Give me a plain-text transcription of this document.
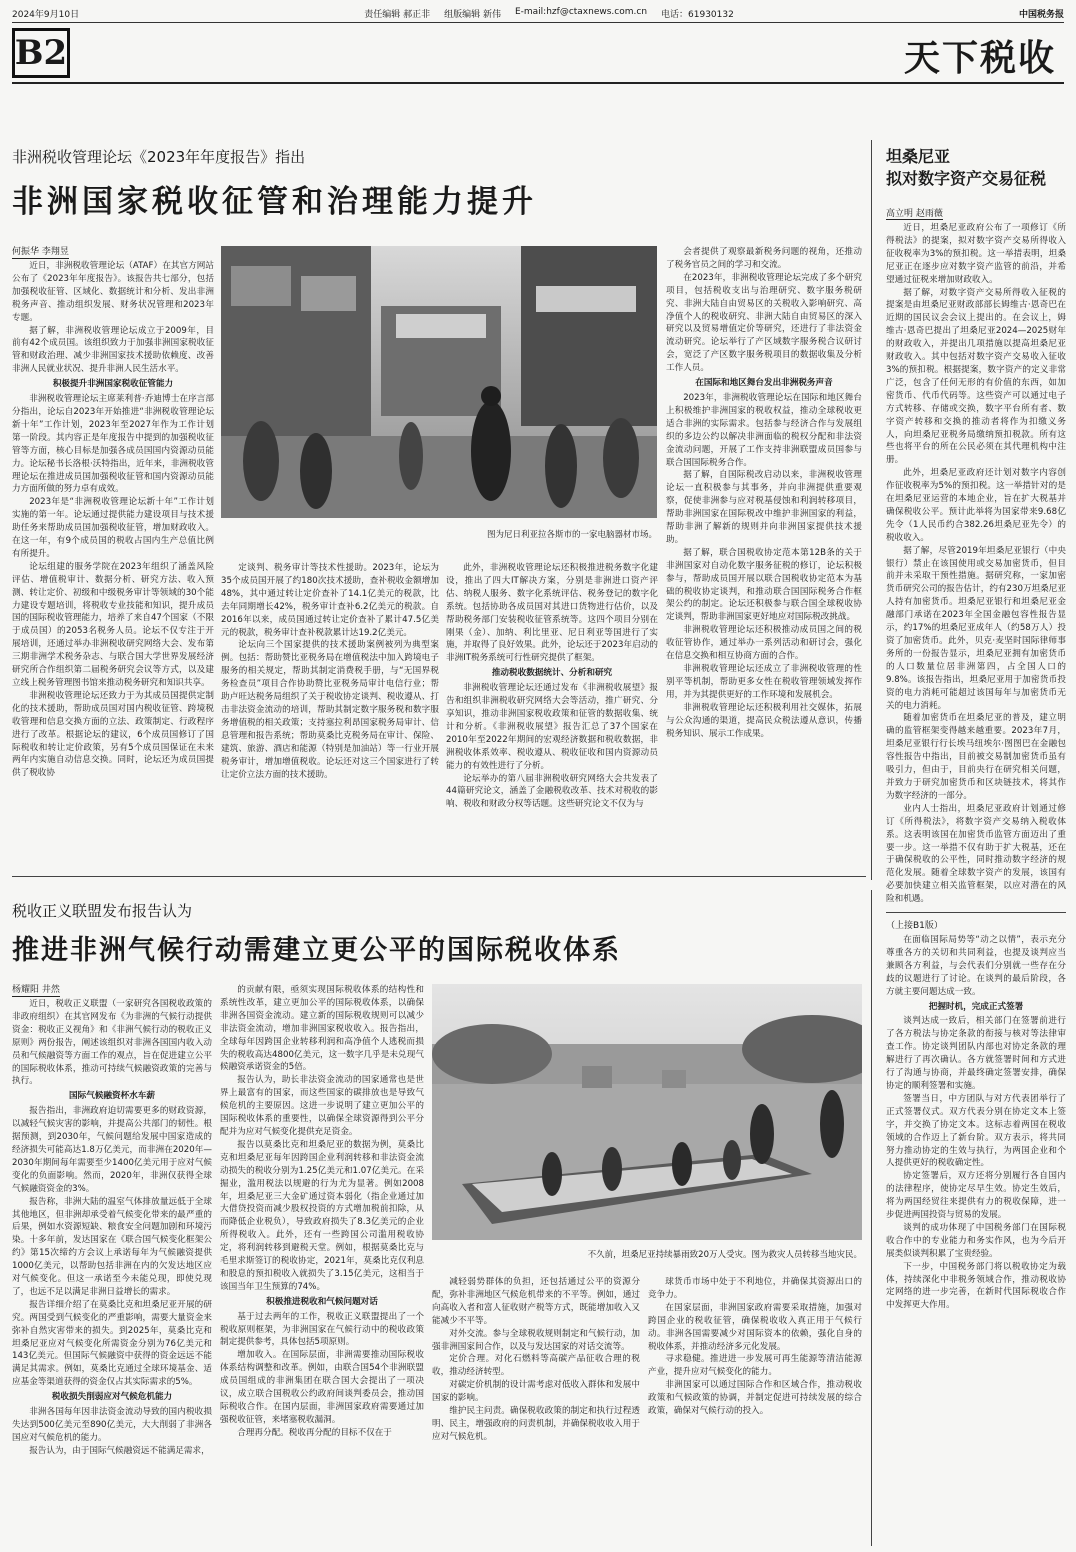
2024年9月10日	责任编辑 郝正非 组版编辑 新伟 E-mail:hzf@ctaxnews.com.cn 电话：61930132	中国税务报
B2	天下税收
非洲税收管理论坛《2023年年度报告》指出
非洲国家税收征管和治理能力提升
何振华 李翔昱

近日，非洲税收管理论坛（ATAF）在其官方网站公布了《2023年年度报告》。该报告共七部分，包括加强税收征管、区域化、数据统计和分析、发出非洲税务声音、推动组织发展、财务状况管理和2023年专题。

据了解，非洲税收管理论坛成立于2009年，目前有42个成员国。该组织致力于加强非洲国家税收征管和财政治理、减少非洲国家技术援助依赖度、改善非洲人民就业状况、提升非洲人民生活水平。

积极提升非洲国家税收征管能力

非洲税收管理论坛主席莱利普·乔迪博士在序言部分指出，论坛自2023年开始推进“非洲税收管理论坛新十年”工作计划，2023年至2027年作为工作计划第一阶段。其内容正是年度报告中提到的加强税收征管等方面，核心目标是加强各成员国国内资源动员能力。论坛秘书长洛根·沃特指出，近年来，非洲税收管理论坛在推进成员国加强税收征管和国内资源动员能力方面所做的努力卓有成效。

2023年是“非洲税收管理论坛新十年”工作计划实施的第一年。论坛通过提供能力建设项目与技术援助任务来帮助成员国加强税收征管，增加财政收入。在这一年，有9个成员国的税收占国内生产总值比例有所提升。

论坛组建的服务学院在2023年组织了涵盖风险评估、增值税审计、数据分析、研究方法、收入预测、转让定价、初级和中级税务审计等领域的30个能力建设专题培训，将税收专业技能和知识，提升成员国的国际税收管理能力，培养了来自47个国家（不限于成员国）的2053名税务人员。论坛不仅专注于开展培训，还通过举办非洲税收研究网络大会、发布第三期非洲学术税务杂志、与联合国大学世界发展经济研究所合作组织第二届税务研究会议等方式，以及建立线上税务管理图书馆来推动税务研究和知识共享。

非洲税收管理论坛还致力于为其成员国提供定制化的技术援助，帮助成员国对国内税收征管、跨境税收管理和信息交换方面的立法、政策制定、行政程序进行了改革。根据论坛的建议，6个成员国修订了国际税收和转让定价政策，另有5个成员国保证在未来两年内实施自动信息交换。同时，论坛还为成员国提供了税收协

定谈判、税务审计等技术性援助。2023年，论坛为35个成员国开展了约180次技术援助，查补税收金额增加48%，其中通过转让定价查补了14.1亿美元的税款，比去年同期增长42%，税务审计查补6.2亿美元的税款。自2016年以来，成员国通过转让定价查补了累计47.5亿美元的税款，税务审计查补税款累计达19.2亿美元。

论坛向三个国家提供的技术援助案例被列为典型案例。包括：帮助赞比亚税务局在增值税法中加入跨境电子服务的相关规定，帮助其制定消费税手册，与“无国界税务检查员”项目合作协助赞比亚税务局审计电信行业；帮助卢旺达税务局组织了关于税收协定谈判、税收遵从、打击非法资金流动的培训，帮助其制定数字服务税和数字服务增值税的相关政策；支持塞拉利昂国家税务局审计、信息管理和报告系统；帮助莫桑比克税务局在审计、保险、建筑、旅游、酒店和能源（特别是加油站）等一行业开展税务审计，增加增值税收。论坛还对这三个国家进行了转让定价立法方面的技术援助。

此外，非洲税收管理论坛还积极推进税务数字化建设，推出了四大IT解决方案，分别是非洲进口资产评估、纳税人服务、数字化系统评估、税务登记的数字化系统。包括协助各成员国对其进口货物进行估价，以及帮助税务部门安装税收征管系统等。这四个项目分别在刚果（金）、加纳、利比里亚、尼日利亚等国进行了实施，并取得了良好效果。此外，论坛还于2023年启动的非洲IT税务系统可行性研究提供了框架。

推动税收数据统计、分析和研究

非洲税收管理论坛还通过发布《非洲税收展望》报告和组织非洲税收研究网络大会等活动，推广研究、分享知识，推动非洲国家税收政策和征管的数据收集、统计和分析。《非洲税收展望》报告汇总了37个国家在2010年至2022年期间的宏观经济数据和税收数据，非洲税收体系效率、税收遵从、税收征收和国内资源动员能力的有效性进行了分析。

论坛举办的第八届非洲税收研究网络大会共发表了44篇研究论文，涵盖了金融税收改革、技术对税收的影响、税收和财政分权等话题。这些研究论文不仅为与

会者提供了观察最新税务问题的视角，还推动了税务官员之间的学习和交流。

在2023年，非洲税收管理论坛完成了多个研究项目，包括税收支出与治理研究、数字服务税研究、非洲大陆自由贸易区的关税收入影响研究、高净值个人的税收研究、非洲大陆自由贸易区的深入研究以及贸易增值定价等研究，还进行了非法资金流动研究。论坛举行了产区域数字服务税合议研讨会，宽泛了产区数字服务税项目的数据收集及分析工作人员。

在国际和地区舞台发出非洲税务声音

2023年，非洲税收管理论坛在国际和地区舞台上积极维护非洲国家的税收权益，推动全球税收更适合非洲的实际需求。包括参与经济合作与发展组织的多边公约以解决非洲面临的税权分配和非法资金流动问题，开展了工作支持非洲联盟成员国参与联合国国际税务合作。

据了解，自国际税改启动以来，非洲税收管理论坛一直积极参与其事务，并向非洲提供重要观察，促使非洲参与应对税基侵蚀和利润转移项目，帮助非洲国家在国际税改中维护非洲国家的利益，帮助非洲了解新的规则并向非洲国家提供技术援助。

据了解，联合国税收协定范本第12B条的关于非洲国家对自动化数字服务征税的修订，论坛积极参与，帮助成员国开展以联合国税收协定范本为基础的税收协定谈判，和推动联合国国际税务合作框架公约的制定。论坛还积极参与联合国全球税收协定谈判，帮助非洲国家更好地应对国际税改挑战。

非洲税收管理论坛还积极推动成员国之间的税收征管协作，通过举办一系列活动和研讨会，强化在信息交换和相互协商方面的合作。

非洲税收管理论坛还成立了非洲税收管理的性别平等机制，帮助更多女性在税收管理领域发挥作用，并为其提供更好的工作环境和发展机会。

非洲税收管理论坛还积极利用社交媒体，拓展与公众沟通的渠道，提高民众税法遵从意识，传播税务知识、展示工作成果。

图为尼日利亚拉各斯市的一家电脑器材市场。
税收正义联盟发布报告认为
推进非洲气候行动需建立更公平的国际税收体系
杨耀阳 井然

近日，税收正义联盟（一家研究各国税收政策的非政府组织）在其官网发布《为非洲的气候行动提供资金：税收正义视角》和《非洲气候行动的税收正义原则》两份报告，阐述该组织对非洲各国国内收入动员和气候融资等方面工作的观点，旨在促进建立公平的国际税收体系，推动可持续气候融资政策的完善与执行。

国际气候融资杯水车薪

报告指出，非洲政府迫切需要更多的财政资源，以减轻气候灾害的影响，并提高公共部门的韧性。根据预测，到2030年，气候问题给发展中国家造成的经济损失可能高达1.8万亿美元，而非洲在2020年—2030年期间每年需要至少1400亿美元用于应对气候变化的负面影响。然而，2020年，非洲仅获得全球气候融资资金的3%。

报告称，非洲大陆的温室气体排放量远低于全球其他地区，但非洲却承受着气候变化带来的最严重的后果，例如水资源短缺、粮食安全问题加剧和环境污染。十多年前，发达国家在《联合国气候变化框架公约》第15次缔约方会议上承诺每年为气候融资提供1000亿美元，以帮助包括非洲在内的欠发达地区应对气候变化。但这一承诺至今未能兑现，即使兑现了，也远不足以满足非洲日益增长的需求。

报告详细介绍了在莫桑比克和坦桑尼亚开展的研究。两国受到气候变化的严重影响，需要大量资金来弥补自然灾害带来的损失。到2025年，莫桑比克和坦桑尼亚应对气候变化所需资金分别为76亿美元和143亿美元。但国际气候融资中获得的资金远远不能满足其需求。例如，莫桑比克通过全球环境基金、适应基金等渠道获得的资金仅占其实际需求的5%。

税收损失削弱应对气候危机能力

非洲各国每年因非法资金流动导致的国内税收损失达到500亿美元至890亿美元，大大削弱了非洲各国应对气候危机的能力。

报告认为，由于国际气候融资远不能满足需求，

的贡献有限，亟须实现国际税收体系的结构性和系统性改革，建立更加公平的国际税收体系，以确保非洲各国资金流动。建立新的国际税收规则可以减少非法资金流动，增加非洲国家税收收入。报告指出，全球每年因跨国企业转移利润和高净值个人逃税而损失的税收高达4800亿美元，这一数字几乎是未兑现气候融资承诺资金的5倍。

报告认为，助长非法资金流动的国家通常也是世界上最富有的国家，而这些国家的碳排放也是导致气候危机的主要原因。这进一步说明了建立更加公平的国际税收体系的重要性，以确保全球资源得到公平分配并为应对气候变化提供充足资金。

报告以莫桑比克和坦桑尼亚的数据为例，莫桑比克和坦桑尼亚每年因跨国企业利润转移和非法资金流动损失的税收分别为1.25亿美元和1.07亿美元。在采掘业，滥用税法以规避的行为尤为显著。例如2008年，坦桑尼亚三大金矿通过资本弱化（指企业通过加大借贷投资而减少股权投资的方式增加税前扣除，从而降低企业税负），导致政府损失了8.3亿美元的企业所得税收入。此外，还有一些跨国公司滥用税收协定，将利润转移到避税天堂。例如，根据莫桑比克与毛里求斯签订的税收协定，2021年，莫桑比克仅利息和股息的预扣税收入就损失了3.15亿美元，这相当于该国当年卫生预算的74%。

积极推进税收和气候问题对话

基于过去两年的工作，税收正义联盟提出了一个税收原则框架，为非洲国家在气候行动中的税收政策制定提供参考，具体包括5项原则。

增加收入。在国际层面，非洲需要推动国际税收体系结构调整和改革。例如，由联合国54个非洲联盟成员国组成的非洲集团在联合国大会提出了一项决议，成立联合国税收公约政府间谈判委员会，推动国际税收合作。在国内层面，非洲国家政府需要通过加强税收征管，来堵塞税收漏洞。

合理再分配。税收再分配的目标不仅在于

减轻弱势群体的负担，还包括通过公平的资源分配，弥补非洲地区气候危机带来的不平等。例如，通过向高收入者和富人征收财产税等方式，既能增加收入又能减少不平等。

对外交流。参与全球税收规则制定和气候行动，加强非洲国家间合作，以及与发达国家的对话交流等。

定价合理。对化石燃料等高碳产品征收合理的税收，推动经济转型。

对碳定价机制的设计需考虑对低收入群体和发展中国家的影响。

维护民主问责。确保税收政策的制定和执行过程透明、民主，增强政府的问责机制，并确保税收收入用于应对气候危机。

球货币市场中处于不利地位，并确保其资源出口的竞争力。

在国家层面，非洲国家政府需要采取措施，加强对跨国企业的税收征管，确保税收收入真正用于气候行动。非洲各国需要减少对国际资本的依赖，强化自身的税收体系，并推动经济多元化发展。

寻求稳健。推进进一步发展可再生能源等清洁能源产业，提升应对气候变化的能力。

非洲国家可以通过国际合作和区域合作，推动税收政策和气候政策的协调，并制定促进可持续发展的综合政策，确保对气候行动的投入。

不久前，坦桑尼亚持续暴雨致20万人受灾。图为救灾人员转移当地灾民。
坦桑尼亚
拟对数字资产交易征税
高立明 赵雨薇

近日，坦桑尼亚政府公布了一项修订《所得税法》的提案，拟对数字资产交易所得收入征收税率为3%的预扣税。这一举措表明，坦桑尼亚正在逐步应对数字资产监管的前沿，并希望通过征税来增加财政收入。

据了解，对数字资产交易所得收入征税的提案是由坦桑尼亚财政部部长姆维古·恩奇巴在近期的国民议会会议上提出的。在会议上，姆维古·恩奇巴提出了坦桑尼亚2024—2025财年的财政收入，并提出几项措施以提高坦桑尼亚财政收入。其中包括对数字资产交易收入征收3%的预扣税。根据提案，数字资产的定义非常广泛，包含了任何无形的有价值的东西，如加密货币、代币代码等。这些资产可以通过电子方式转移、存储或交换，数字平台所有者、数字资产转移和交换的推动者将作为扣缴义务人，向坦桑尼亚税务局缴纳预扣税款。所有这些也将平台的所在公民必须在其代理机构中注册。

此外，坦桑尼亚政府还计划对数字内容创作征收税率为5%的预扣税。这一举措针对的是在坦桑尼亚运营的本地企业，旨在扩大税基并确保税收公平。预计此举将为国家带来9.68亿先令（1人民币约合382.26坦桑尼亚先令）的税收收入。

据了解，尽管2019年坦桑尼亚银行（中央银行）禁止在该国使用或交易加密货币，但目前并未采取干预性措施。据研究称，一家加密货币研究公司的报告估计，约有230万坦桑尼亚人持有加密货币。坦桑尼亚银行和坦桑尼亚金融部门承诺在2023年全国金融包容性报告显示，约17%的坦桑尼亚成年人（约58万人）投资了加密货币。此外，贝克·麦坚时国际律师事务所的一份报告显示，坦桑尼亚拥有加密货币的人口数量位居非洲第四，占全国人口的9.8%。该报告指出，坦桑尼亚用于加密货币投资的电力消耗可能超过该国每年与加密货币无关的电力消耗。

随着加密货币在坦桑尼亚的普及，建立明确的监管框架变得越来越重要。2023年7月，坦桑尼亚银行行长埃马纽埃尔·图图巴在金融包容性报告中指出，目前被交易制加密货币虽有吸引力，但由于，目前央行在研究相关问题，并致力于研究加密货币和区块链技术，将其作为数字经济的一部分。

业内人士指出，坦桑尼亚政府计划通过修订《所得税法》，将数字资产交易纳入税收体系。这表明该国在加密货币监管方面迈出了重要一步。这一举措不仅有助于扩大税基，还在于确保税收的公平性，同时推动数字经济的规范化发展。随着全球数字资产的发展，该国有必要加快建立相关监管框架，以应对潜在的风险和机遇。

（上接B1版）

在面临国际局势等“动之以情”，表示充分尊重各方的关切和共同利益，也提及谈判应当兼顾各方利益，与会代表们分别就一些存在分歧的议题进行了讨论。在谈判的最后阶段，各方就主要问题达成一致。

把握时机，完成正式签署

谈判达成一致后，相关部门在签署前进行了各方税法与协定条款的衔接与核对等法律审查工作。协定谈判团队内部也对协定条款的理解进行了再次确认。各方就签署时间和方式进行了沟通与协商，并最终确定签署安排，确保协定的顺利签署和实施。

签署当日，中方团队与对方代表团举行了正式签署仪式。双方代表分别在协定文本上签字，并交换了协定文本。这标志着两国在税收领域的合作迈上了新台阶。双方表示，将共同努力推动协定的生效与执行，为两国企业和个人提供更好的税收确定性。

协定签署后，双方还将分别履行各自国内的法律程序，使协定尽早生效。协定生效后，将为两国经贸往来提供有力的税收保障，进一步促进两国投资与贸易的发展。

谈判的成功体现了中国税务部门在国际税收合作中的专业能力和务实作风，也为今后开展类似谈判积累了宝贵经验。

下一步，中国税务部门将以税收协定为载体，持续深化中非税务领域合作，推动税收协定网络的进一步完善，在新时代国际税收合作中发挥更大作用。
